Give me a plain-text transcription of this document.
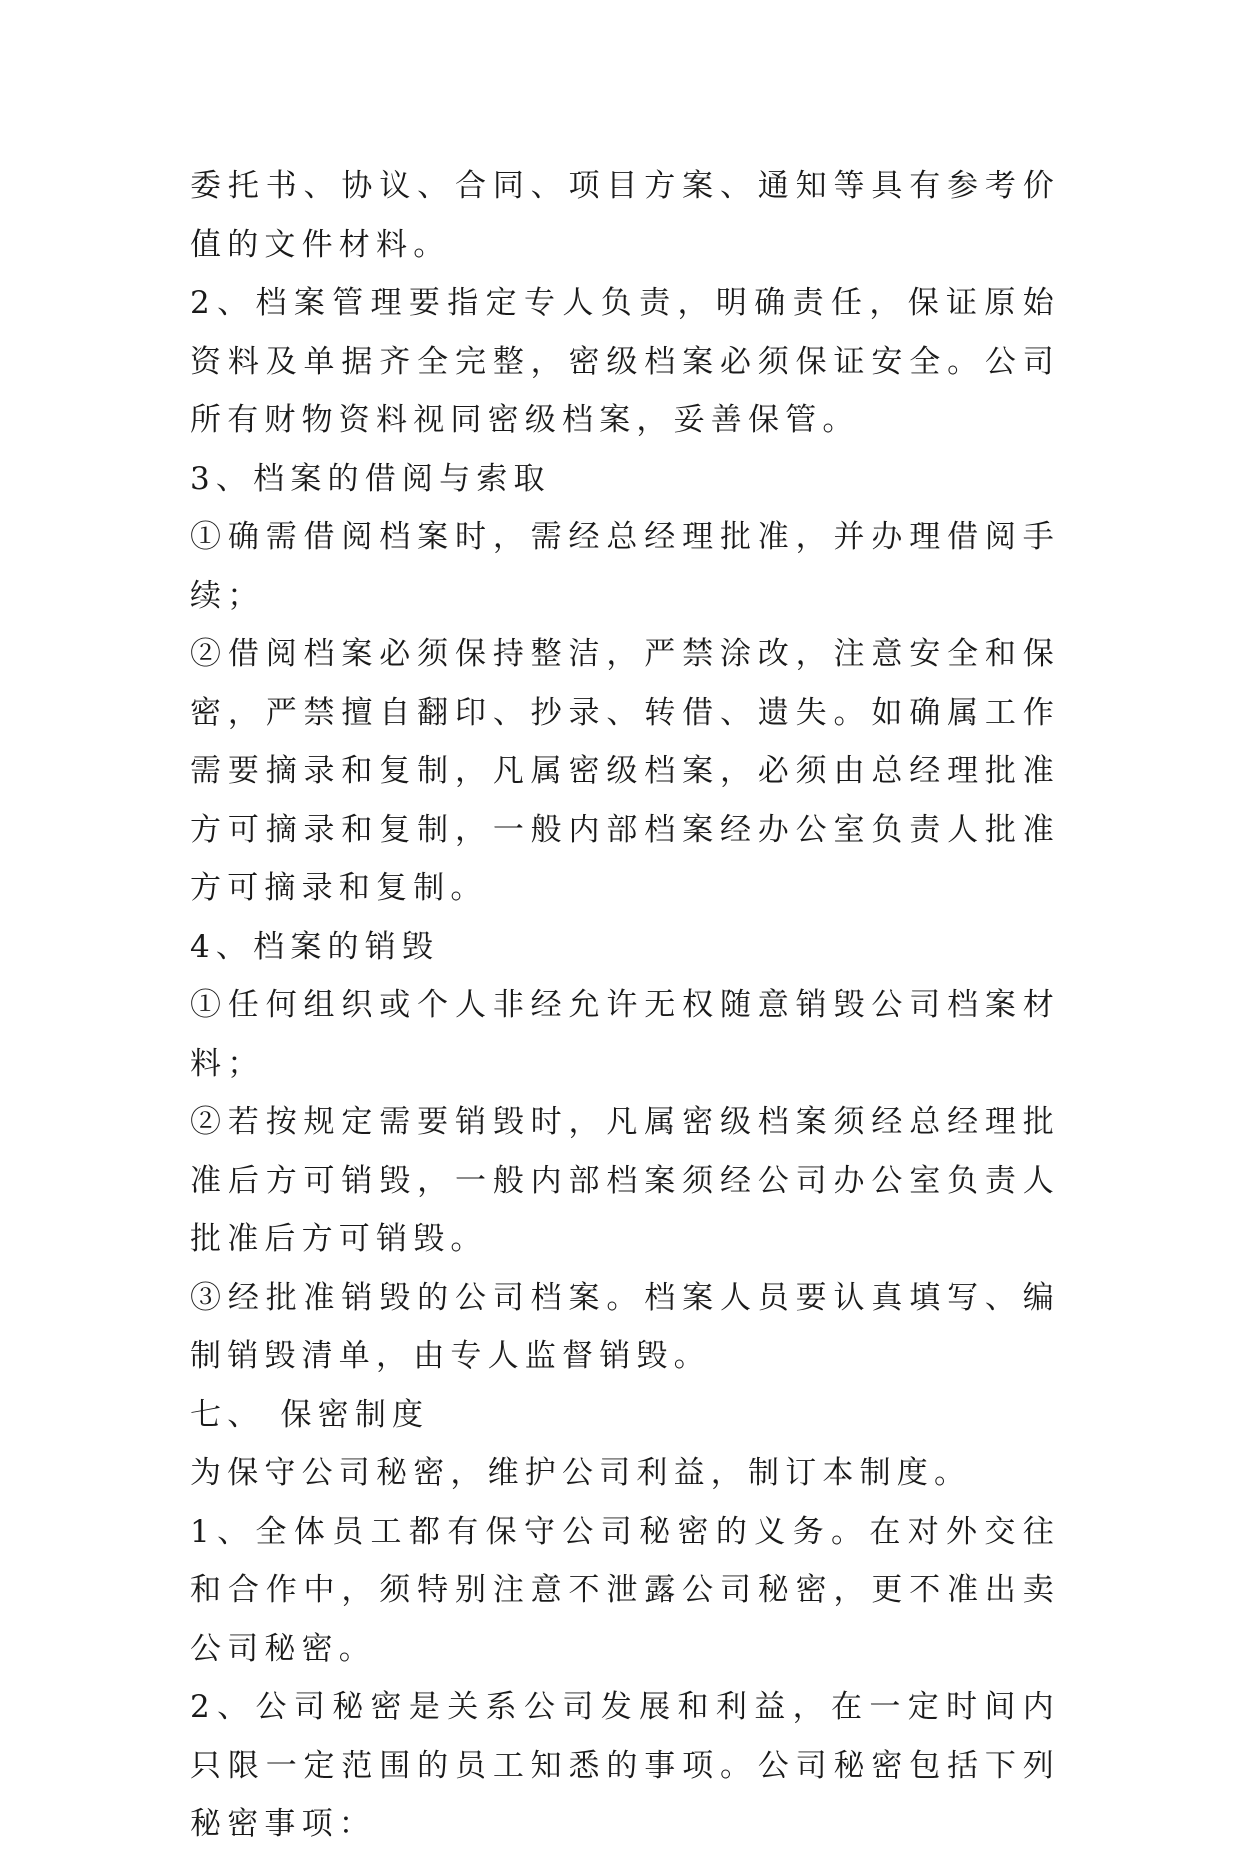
委托书、协议、合同、项目方案、通知等具有参考价值的文件材料。

2、档案管理要指定专人负责，明确责任，保证原始资料及单据齐全完整，密级档案必须保证安全。公司所有财物资料视同密级档案，妥善保管。

3、档案的借阅与索取

①确需借阅档案时，需经总经理批准，并办理借阅手续；

②借阅档案必须保持整洁，严禁涂改，注意安全和保密，严禁擅自翻印、抄录、转借、遗失。如确属工作需要摘录和复制，凡属密级档案，必须由总经理批准方可摘录和复制，一般内部档案经办公室负责人批准方可摘录和复制。

4、档案的销毁

①任何组织或个人非经允许无权随意销毁公司档案材料；

②若按规定需要销毁时，凡属密级档案须经总经理批准后方可销毁，一般内部档案须经公司办公室负责人批准后方可销毁。

③经批准销毁的公司档案。档案人员要认真填写、编制销毁清单，由专人监督销毁。

七、 保密制度

为保守公司秘密，维护公司利益，制订本制度。

1、全体员工都有保守公司秘密的义务。在对外交往和合作中，须特别注意不泄露公司秘密，更不准出卖公司秘密。

2、公司秘密是关系公司发展和利益，在一定时间内只限一定范围的员工知悉的事项。公司秘密包括下列秘密事项：
